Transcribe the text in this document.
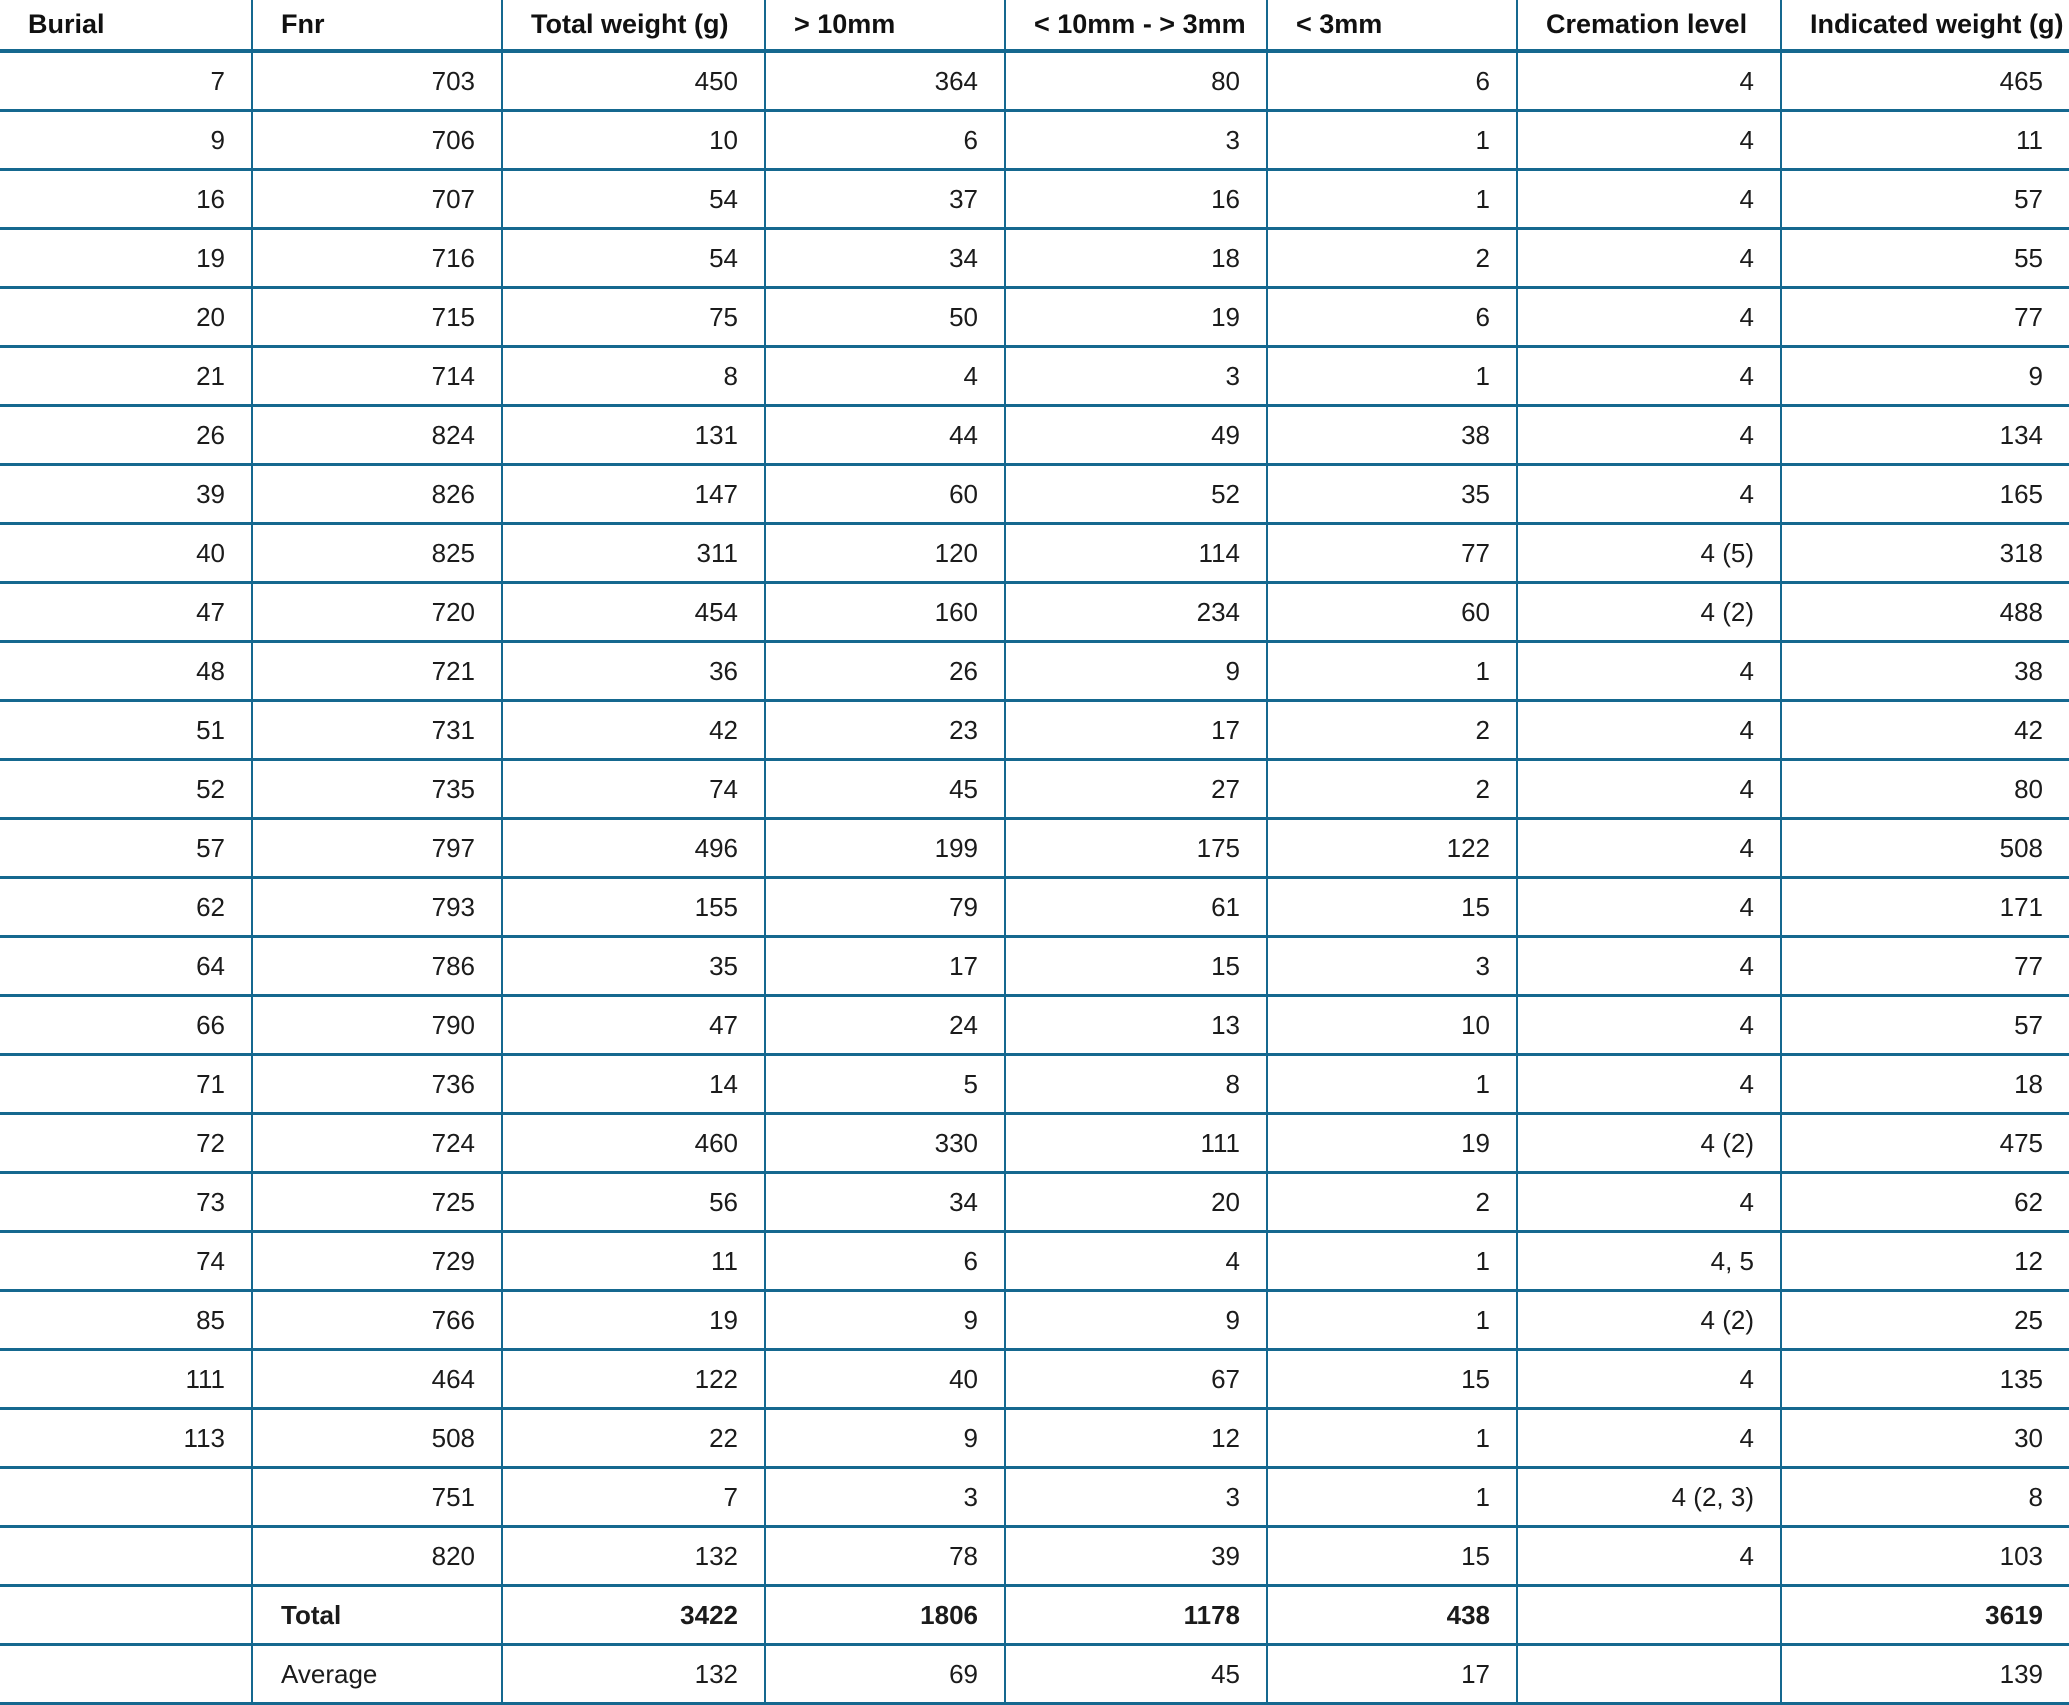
Burial	Fnr	Total weight (g)	> 10mm	< 10mm - > 3mm	< 3mm	Cremation level	Indicated weight (g)
7	703	450	364	80	6	4	465
9	706	10	6	3	1	4	11
16	707	54	37	16	1	4	57
19	716	54	34	18	2	4	55
20	715	75	50	19	6	4	77
21	714	8	4	3	1	4	9
26	824	131	44	49	38	4	134
39	826	147	60	52	35	4	165
40	825	311	120	114	77	4 (5)	318
47	720	454	160	234	60	4 (2)	488
48	721	36	26	9	1	4	38
51	731	42	23	17	2	4	42
52	735	74	45	27	2	4	80
57	797	496	199	175	122	4	508
62	793	155	79	61	15	4	171
64	786	35	17	15	3	4	77
66	790	47	24	13	10	4	57
71	736	14	5	8	1	4	18
72	724	460	330	111	19	4 (2)	475
73	725	56	34	20	2	4	62
74	729	11	6	4	1	4, 5	12
85	766	19	9	9	1	4 (2)	25
111	464	122	40	67	15	4	135
113	508	22	9	12	1	4	30
	751	7	3	3	1	4 (2, 3)	8
	820	132	78	39	15	4	103
	Total	3422	1806	1178	438		3619
	Average	132	69	45	17		139
